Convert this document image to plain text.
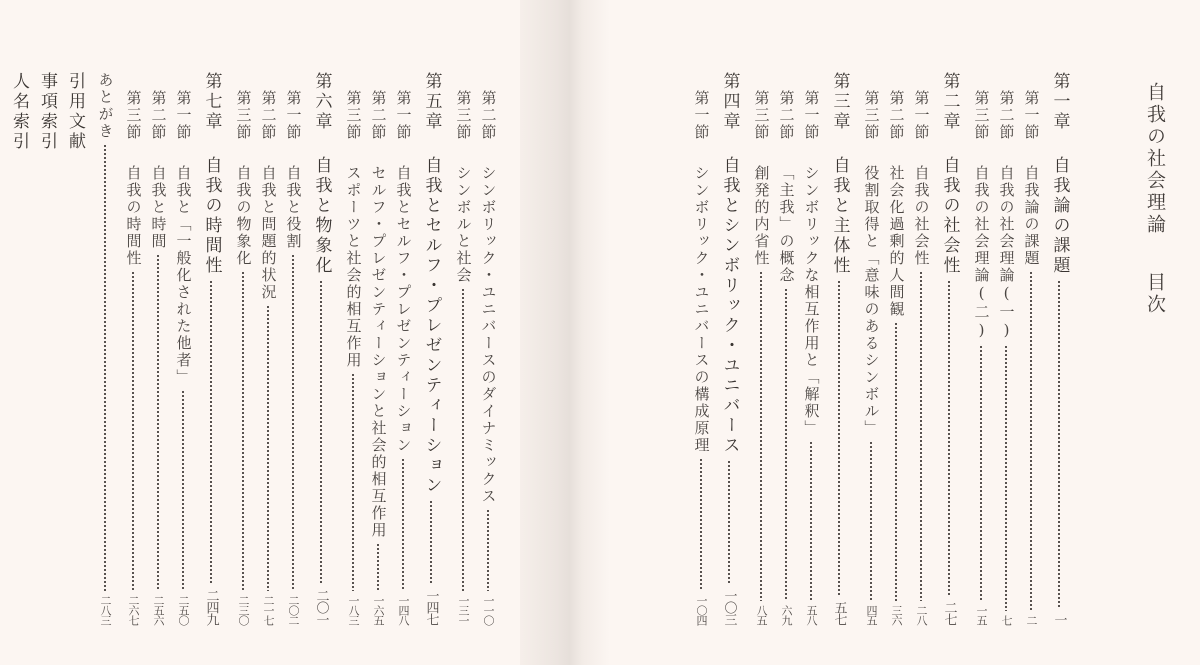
自我の社会理論目次
第一章自我論の課題
一
第一節自我論の課題
二
第二節自我の社会理論(一)
七
第三節自我の社会理論(二)
一五
第二章自我の社会性
二七
第一節自我の社会性
二八
第二節社会化過剰的人間観
三六
第三節役割取得と「意味のあるシンボル」
四五
第三章自我と主体性
五七
第一節シンボリックな相互作用と「解釈」
五八
第二節「主我」の概念
六九
第三節創発的内省性
八五
第四章自我とシンボリック・ユニバース
一〇三
第一節シンボリック・ユニバースの構成原理
一〇四
第二節シンボリック・ユニバースのダイナミックス
一一〇
第三節シンボルと社会
一三一
第五章自我とセルフ・プレゼンティーション
一四七
第一節自我とセルフ・プレゼンティーション
一四八
第二節セルフ・プレゼンティーションと社会的相互作用
一六五
第三節スポーツと社会的相互作用
一八三
第六章自我と物象化
二〇一
第一節自我と役割
二〇二
第二節自我と問題的状況
二一七
第三節自我の物象化
二三〇
第七章自我の時間性
二四九
第一節自我と「一般化された他者」
二五〇
第二節自我と時間
二五六
第三節自我の時間性
二六七
あとがき
二八三
引用文献
事項索引
人名索引
